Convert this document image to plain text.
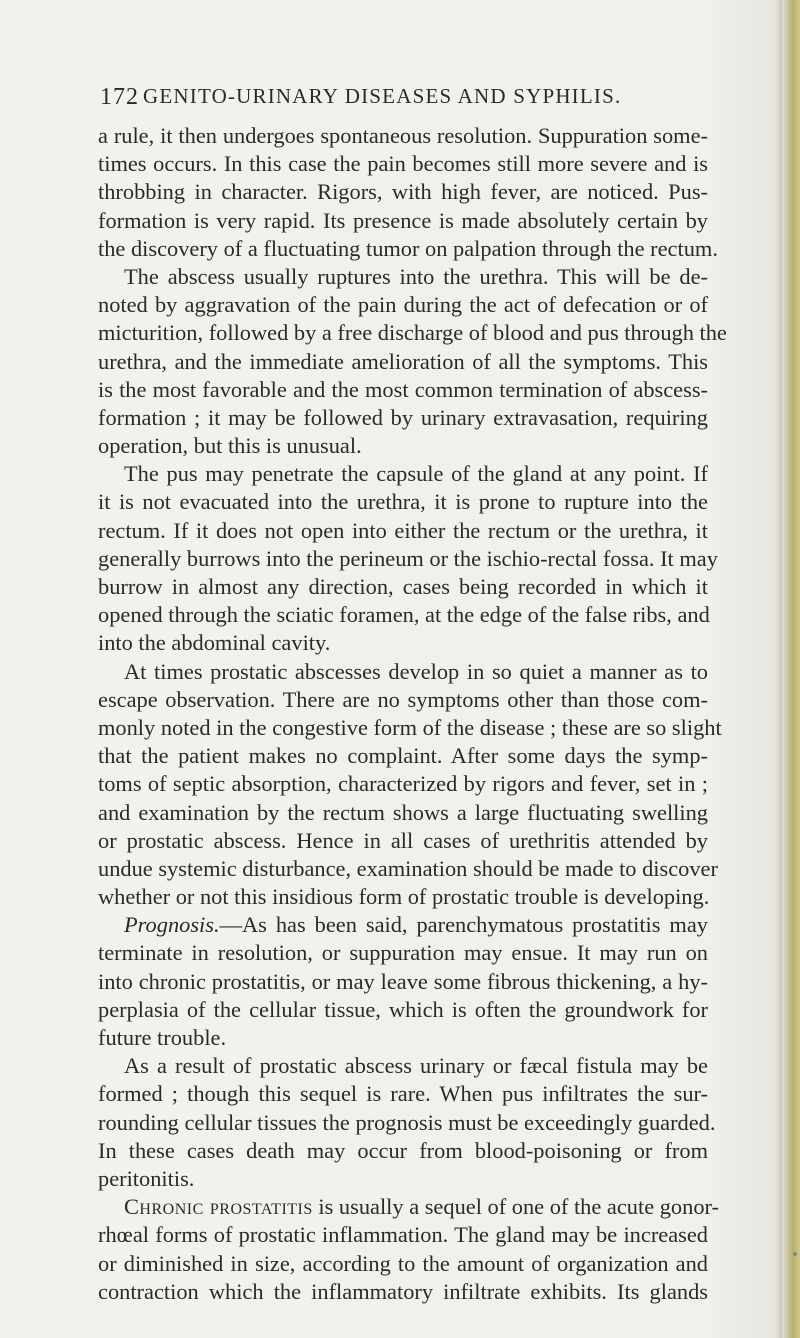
172 GENITO-URINARY DISEASES AND SYPHILIS.
a rule, it then undergoes spontaneous resolution. Suppuration some-
times occurs. In this case the pain becomes still more severe and is
throbbing in character. Rigors, with high fever, are noticed. Pus-
formation is very rapid. Its presence is made absolutely certain by
the discovery of a fluctuating tumor on palpation through the rectum.
The abscess usually ruptures into the urethra. This will be de-
noted by aggravation of the pain during the act of defecation or of
micturition, followed by a free discharge of blood and pus through the
urethra, and the immediate amelioration of all the symptoms. This
is the most favorable and the most common termination of abscess-
formation ; it may be followed by urinary extravasation, requiring
operation, but this is unusual.
The pus may penetrate the capsule of the gland at any point. If
it is not evacuated into the urethra, it is prone to rupture into the
rectum. If it does not open into either the rectum or the urethra, it
generally burrows into the perineum or the ischio-rectal fossa. It may
burrow in almost any direction, cases being recorded in which it
opened through the sciatic foramen, at the edge of the false ribs, and
into the abdominal cavity.
At times prostatic abscesses develop in so quiet a manner as to
escape observation. There are no symptoms other than those com-
monly noted in the congestive form of the disease ; these are so slight
that the patient makes no complaint. After some days the symp-
toms of septic absorption, characterized by rigors and fever, set in ;
and examination by the rectum shows a large fluctuating swelling
or prostatic abscess. Hence in all cases of urethritis attended by
undue systemic disturbance, examination should be made to discover
whether or not this insidious form of prostatic trouble is developing.
Prognosis.—As has been said, parenchymatous prostatitis may
terminate in resolution, or suppuration may ensue. It may run on
into chronic prostatitis, or may leave some fibrous thickening, a hy-
perplasia of the cellular tissue, which is often the groundwork for
future trouble.
As a result of prostatic abscess urinary or fæcal fistula may be
formed ; though this sequel is rare. When pus infiltrates the sur-
rounding cellular tissues the prognosis must be exceedingly guarded.
In these cases death may occur from blood-poisoning or from
peritonitis.
Chronic prostatitis is usually a sequel of one of the acute gonor-
rhœal forms of prostatic inflammation. The gland may be increased
or diminished in size, according to the amount of organization and
contraction which the inflammatory infiltrate exhibits. Its glands
